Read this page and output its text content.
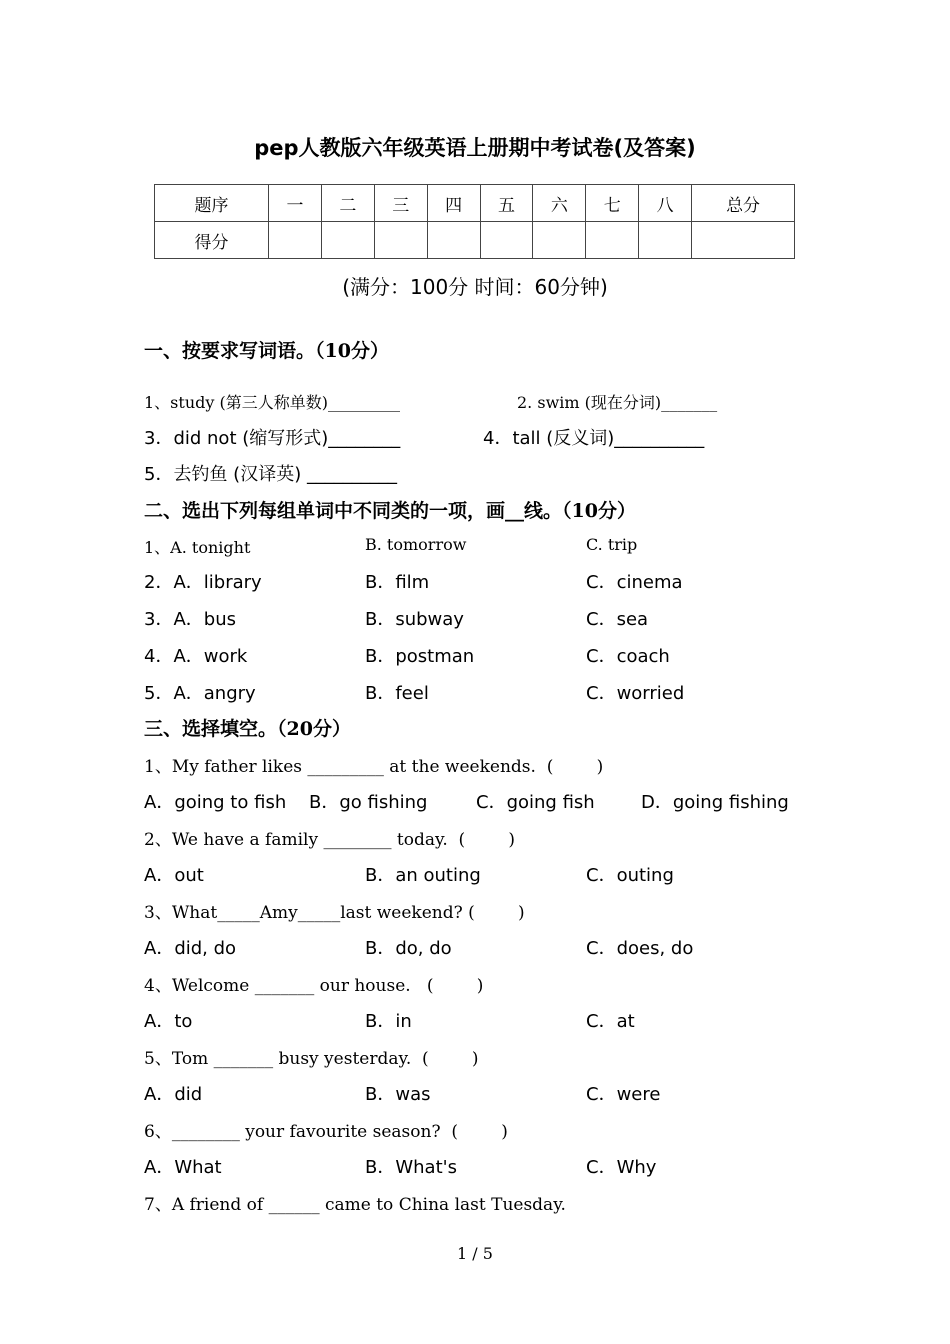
pep人教版六年级英语上册期中考试卷(及答案)
题序	一	二	三	四	五	六	七	八	总分
得分									
(满分：100分 时间：60分钟)
一、按要求写词语。（10分）
1、study (第三人称单数)_________	2. swim (现在分词)_______
3．did not (缩写形式)________	4．tall (反义词)__________
5．去钓鱼 (汉译英) __________
二、选出下列每组单词中不同类的一项，画__线。（10分）
1、A. tonight	B. tomorrow	C. trip
2．A．library	B．film	C．cinema
3．A．bus	B．subway	C．sea
4．A．work	B．postman	C．coach
5．A．angry	B．feel	C．worried
三、选择填空。（20分）
1、My father likes _________ at the weekends.  (        )
A．going to fish B．go fishing	C．going fish	D．going fishing
2、We have a family ________ today.  (        )
A．out	B．an outing	C．outing
3、What_____Amy_____last weekend? (        )
A．did, do	B．do, do	C．does, do
4、Welcome _______ our house.   (        )
A．to	B．in	C．at
5、Tom _______ busy yesterday.  (        )
A．did	B．was	C．were
6、________ your favourite season?  (        )
A．What	B．What's	C．Why
7、A friend of ______ came to China last Tuesday.
1 / 5
